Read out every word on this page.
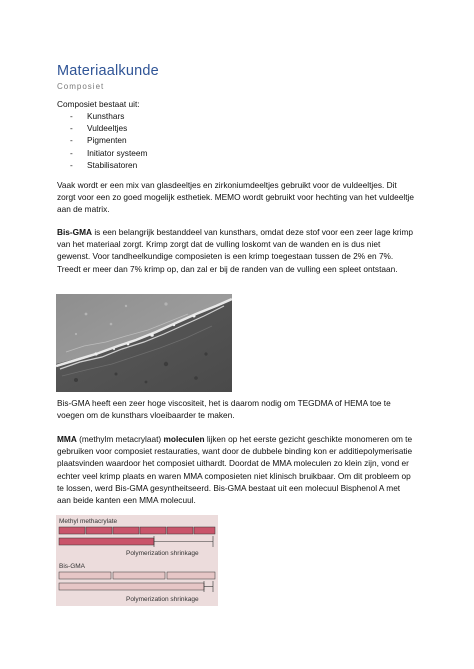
Materiaalkunde
Composiet
Composiet bestaat uit:
- Kunsthars
- Vuldeeltjes
- Pigmenten
- Initiator systeem
- Stabilisatoren

Vaak wordt er een mix van glasdeeltjes en zirkoniumdeeltjes gebruikt voor de vuldeeltjes. Dit zorgt voor een zo goed mogelijk esthetiek. MEMO wordt gebruikt voor hechting van het vuldeeltje aan de matrix.

Bis-GMA is een belangrijk bestanddeel van kunsthars, omdat deze stof voor een zeer lage krimp van het materiaal zorgt. Krimp zorgt dat de vulling loskomt van de wanden en is dus niet gewenst. Voor tandheelkundige composieten is een krimp toegestaan tussen de 2% en 7%. Treedt er meer dan 7% krimp op, dan zal er bij de randen van de vulling een spleet ontstaan.

Bis-GMA heeft een zeer hoge viscositeit, het is daarom nodig om TEGDMA of HEMA toe te voegen om de kunsthars vloeibaarder te maken.

MMA (methylm metacrylaat) moleculen lijken op het eerste gezicht geschikte monomeren om te gebruiken voor composiet restauraties, want door de dubbele binding kon er additiepolymerisatie plaatsvinden waardoor het composiet uithardt. Doordat de MMA moleculen zo klein zijn, vond er echter veel krimp plaats en waren MMA composieten niet klinisch bruikbaar. Om dit probleem op te lossen, werd Bis-GMA gesyntheitseerd. Bis-GMA bestaat uit een molecuul Bisphenol A met aan beide kanten een MMA molecuul.

Methyl methacrylate
Polymerization shrinkage
Bis-GMA
Polymerization shrinkage
